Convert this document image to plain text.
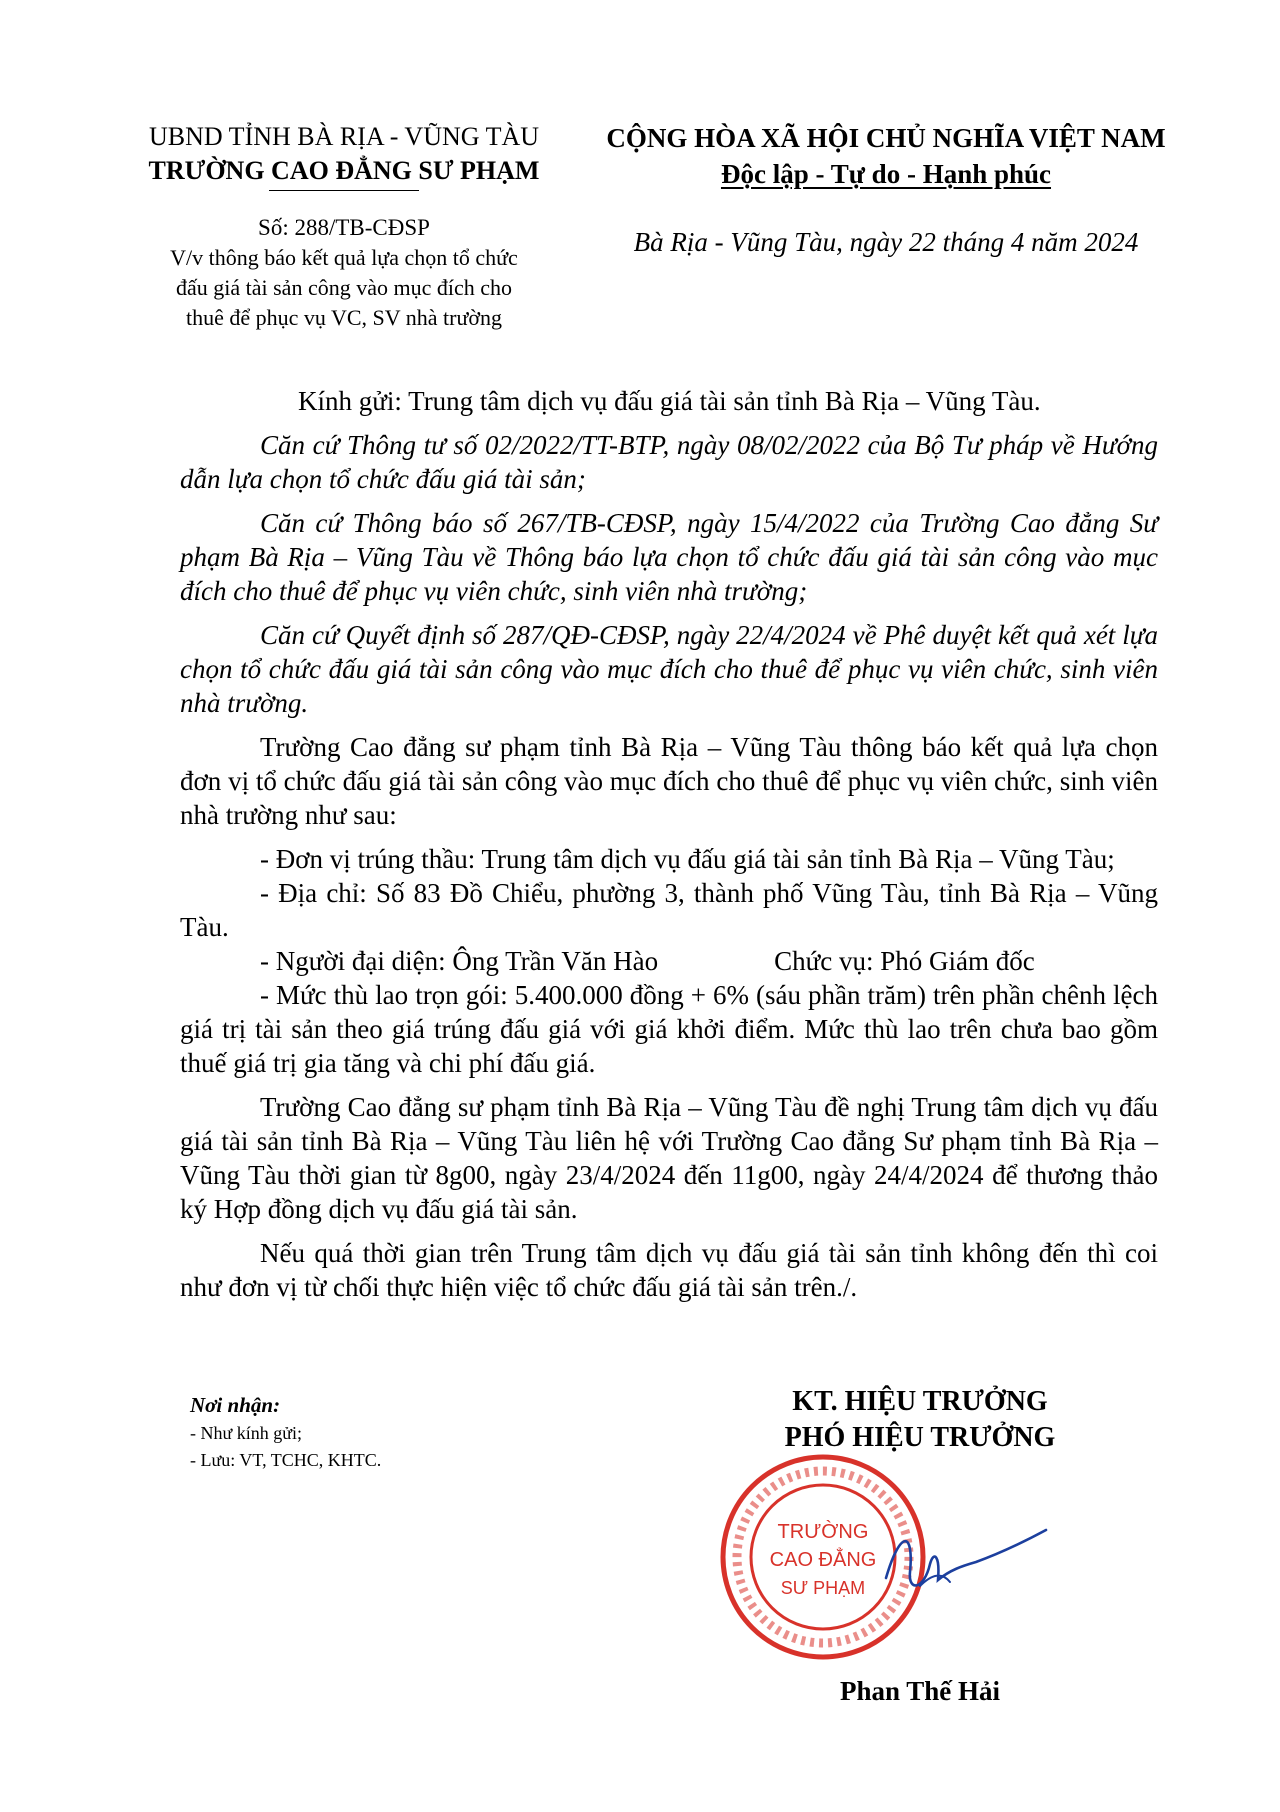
UBND TỈNH BÀ RỊA - VŨNG TÀU
TRƯỜNG CAO ĐẲNG SƯ PHẠM
Số: 288/TB-CĐSP
V/v thông báo kết quả lựa chọn tổ chức
đấu giá tài sản công vào mục đích cho
thuê để phục vụ VC, SV nhà trường
CỘNG HÒA XÃ HỘI CHỦ NGHĨA VIỆT NAM
Độc lập - Tự do - Hạnh phúc
Bà Rịa - Vũng Tàu, ngày 22 tháng 4 năm 2024

Kính gửi: Trung tâm dịch vụ đấu giá tài sản tỉnh Bà Rịa – Vũng Tàu.

Căn cứ Thông tư số 02/2022/TT-BTP, ngày 08/02/2022 của Bộ Tư pháp về Hướng dẫn lựa chọn tổ chức đấu giá tài sản;

Căn cứ Thông báo số 267/TB-CĐSP, ngày 15/4/2022 của Trường Cao đẳng Sư phạm Bà Rịa – Vũng Tàu về Thông báo lựa chọn tổ chức đấu giá tài sản công vào mục đích cho thuê để phục vụ viên chức, sinh viên nhà trường;

Căn cứ Quyết định số 287/QĐ-CĐSP, ngày 22/4/2024 về Phê duyệt kết quả xét lựa chọn tổ chức đấu giá tài sản công vào mục đích cho thuê để phục vụ viên chức, sinh viên nhà trường.

Trường Cao đẳng sư phạm tỉnh Bà Rịa – Vũng Tàu thông báo kết quả lựa chọn đơn vị tổ chức đấu giá tài sản công vào mục đích cho thuê để phục vụ viên chức, sinh viên nhà trường như sau:

- Đơn vị trúng thầu: Trung tâm dịch vụ đấu giá tài sản tỉnh Bà Rịa – Vũng Tàu;

- Địa chỉ: Số 83 Đồ Chiểu, phường 3, thành phố Vũng Tàu, tỉnh Bà Rịa – Vũng Tàu.

- Người đại diện: Ông Trần Văn Hào	Chức vụ: Phó Giám đốc

- Mức thù lao trọn gói: 5.400.000 đồng + 6% (sáu phần trăm) trên phần chênh lệch giá trị tài sản theo giá trúng đấu giá với giá khởi điểm. Mức thù lao trên chưa bao gồm thuế giá trị gia tăng và chi phí đấu giá.

Trường Cao đẳng sư phạm tỉnh Bà Rịa – Vũng Tàu đề nghị Trung tâm dịch vụ đấu giá tài sản tỉnh Bà Rịa – Vũng Tàu liên hệ với Trường Cao đẳng Sư phạm tỉnh Bà Rịa – Vũng Tàu thời gian từ 8g00, ngày 23/4/2024 đến 11g00, ngày 24/4/2024 để thương thảo ký Hợp đồng dịch vụ đấu giá tài sản.

Nếu quá thời gian trên Trung tâm dịch vụ đấu giá tài sản tỉnh không đến thì coi như đơn vị từ chối thực hiện việc tổ chức đấu giá tài sản trên./.

Nơi nhận:
- Như kính gửi;
- Lưu: VT, TCHC, KHTC.
KT. HIỆU TRƯỞNG
PHÓ HIỆU TRƯỞNG
TRƯỜNG
CAO ĐẲNG
SƯ PHẠM
Phan Thế Hải
